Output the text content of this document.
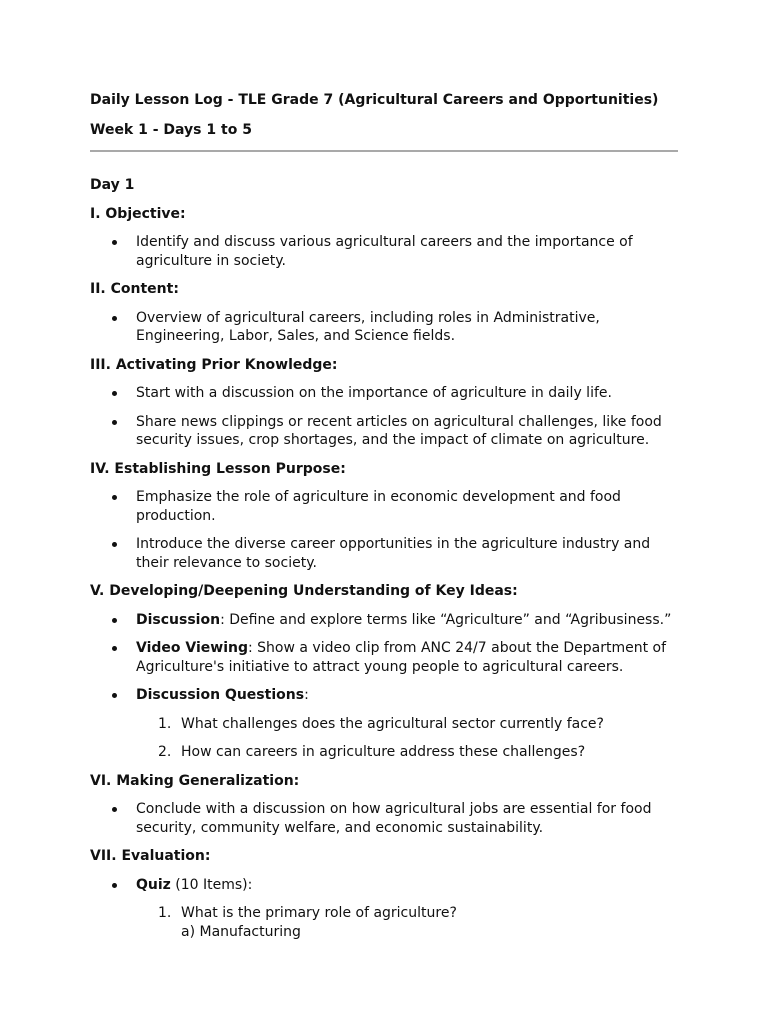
Daily Lesson Log - TLE Grade 7 (Agricultural Careers and Opportunities)

Week 1 - Days 1 to 5

Day 1

I. Objective:

Identify and discuss various agricultural careers and the importance of agriculture in society.

II. Content:

Overview of agricultural careers, including roles in Administrative, Engineering, Labor, Sales, and Science fields.

III. Activating Prior Knowledge:

Start with a discussion on the importance of agriculture in daily life.
Share news clippings or recent articles on agricultural challenges, like food security issues, crop shortages, and the impact of climate on agriculture.

IV. Establishing Lesson Purpose:

Emphasize the role of agriculture in economic development and food production.
Introduce the diverse career opportunities in the agriculture industry and their relevance to society.

V. Developing/Deepening Understanding of Key Ideas:

Discussion: Define and explore terms like “Agriculture” and “Agribusiness.”
Video Viewing: Show a video clip from ANC 24/7 about the Department of Agriculture's initiative to attract young people to agricultural careers.
Discussion Questions:
1. What challenges does the agricultural sector currently face?
2. How can careers in agriculture address these challenges?

VI. Making Generalization:

Conclude with a discussion on how agricultural jobs are essential for food security, community welfare, and economic sustainability.

VII. Evaluation:

Quiz (10 Items):
1. What is the primary role of agriculture?
a) Manufacturing
